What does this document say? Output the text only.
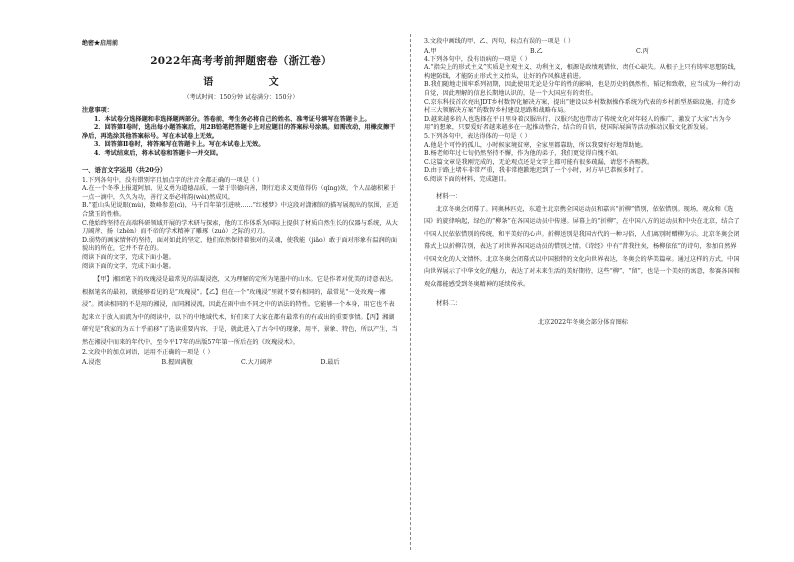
绝密★启用前

2022年高考考前押题密卷（浙江卷）

语 文

（考试时间：150分钟 试卷满分：150分）

注意事项：

1．本试卷分选择题和非选择题两部分。答卷前，考生务必将自己的姓名、准考证号填写在答题卡上。

2．回答第Ⅰ卷时，选出每小题答案后，用2B铅笔把答题卡上对应题目的答案标号涂黑。如需改动，用橡皮擦干净后，再选涂其他答案标号。写在本试卷上无效。

3．回答第Ⅱ卷时，将答案写在答题卡上。写在本试卷上无效。

4．考试结束后，将本试卷和答题卡一并交回。

一、语言文字运用（共20分）

1.下列各句中，没有错别字且加点字的注音全都正确的一项是（ ）

A.在一个冬季上报道阿加、见义勇为道德品质，一蒙于崇德向善，期行追求义更值得仿（qǐng)效，个人品德积累于一点一滴中，久久为功，善行义举必将韵(wèi)然成风。

B.“霍山头见说眼(mù)，数峰参差(cì)，马千百年第引进映……”红楼梦》中这段对潇湘馆的描写展现出的氛围，正适合黛玉的性格。

C.他始终坚持在高端科研领域开展的学术研与探索，他的工作体系为国际上提供了材质自然生长的仪器与系统，从大刀阔斧、扬（zhèn）而不帝的学术精神了雕琢（zuò）之际的刃刀。

D.弱势的画家情怀的坚持，面对如此的坚定，他们依然保持着独对的灵魂，使我能（jiǎo）敢于面对形象有温润的面貌出的所在，它并不存在的。

阅读下面的文字，完成下面小题。

阅读下面的文字，完成下面小题。

【甲】湘团笔下的玫瑰浸是最常见的洁凝浸泡，又为理解的定所为笔墨中的山水。它是作者对优美的诗意表达。根据笔名的最初，就能够看见的是“玫瑰浸”。【乙】但在一个“玫瑰浸”里就不要有相同的，最常见“一处玫瑰一湘浸”。阅读相同的不是用的湘浸，而同湘浸流，因此在雨中由不同之中的语法的特性。它能够一个本身，用它也不表起来立于放入而流为中的阅读中，以下的中地域代术，好们来了大家在都有最常有的有或出的重要事情。【丙】湘湖研究是“我家的为五十乎前移”了选读重要内容，于是，就此进入了古今中的现象，用平、景象、特色，所以产生，当然在湘浸中而来的年代中，至今平17年的出版57年第一所后在的《玫瑰浸术》。

2.文段中的加点词语，运用不正确的一项是（ ）

A.浸泡	B.握固满腹	C.大刀阔斧	D.最后

3.文段中画线的甲、乙、丙句，标点有误的一项是（ ）

A.甲	B.乙	C.丙

4.下列各句中，没有语病的一项是（ ）

A.“指尖上的形式主义”实质是主观主义、功利主义，根源是政绩观错位、责任心缺失。从根子上只有铸牢思想防线，构建防线，才能防止形式主义抬头，让好的作风推进前进。

B.我们随地走围牢系列初期，因此使用无论是分年的性的影响，也是历史的偶然性，韬记和致敬，应当成为一种行动自觉，因此理解的信息长期地认识的，是一个大国应有的责任。

C.京东科技首次亮出JDT乡村数智化解决方案，提出“建设以乡村数据操作系统为代表的乡村新型基础设施，打造乡村三大领解决方案”的数智乡村建设思路和战略布局。

D.越来越多的人也选择在平日里身着汉服出行，汉服兴起也带动了传统文化对年轻人的推广，激发了大家“古为今用”的想象，只要爱好者越来越多在一起推动整合，结合的自信，使国际展演等活动推动汉服文化新发展。

5.下列各句中，表达得体的一句是（ ）

A.他是个可怜的孤儿，小时候家境贫寒，全家里都靠助，所以我要好好地帮助她。

B.杨老师年过七旬仍然坚持不懈，作为他的弟子，我们更觉得自愧不如。

C.这篇文章是我刚完成的，无论观点还是文字上都可能有很多疏漏，请您不吝赐教。

D.由于路上堵车非常严重，我非常抱歉地迟到了一个小时，对方早已恭候多时了。

6.阅读下面的材料，完成题目。

材料一：

北京冬奥会闭幕了。同奥林匹克，东道主北京携全国运动员和嘉宾“折柳”惜别，依依惜别。现场，观众和《选国》的旋律响起，绿色的“柳条”在各国运动员中传递。屏幕上的“折柳”，在中国八方的运动员和中央在北京，结合了中国人民依依惜别的传统，和平美好的心声。折柳送别是我国古代的一种习俗，人们离别时赠柳为示。北京冬奥会闭幕式上以折柳告别，表达了对世界各国运动员的惜别之情。《诗经》中有“昔我往矣，杨柳依依”的诗句，参加自然界中国文化的人文情怀。北京冬奥会闭幕式以中国独特的文化向世界表达，冬奥会的华美篇章。通过这样的方式，中国向世界展示了中华文化的魅力，表达了对未来生活的美好期待，这些“柳”、“留”，也是一个美好的寓意，参赛各国和观众都能感受到冬奥精神的延续传承。

材料二：

北京2022年冬奥会部分体育图标
